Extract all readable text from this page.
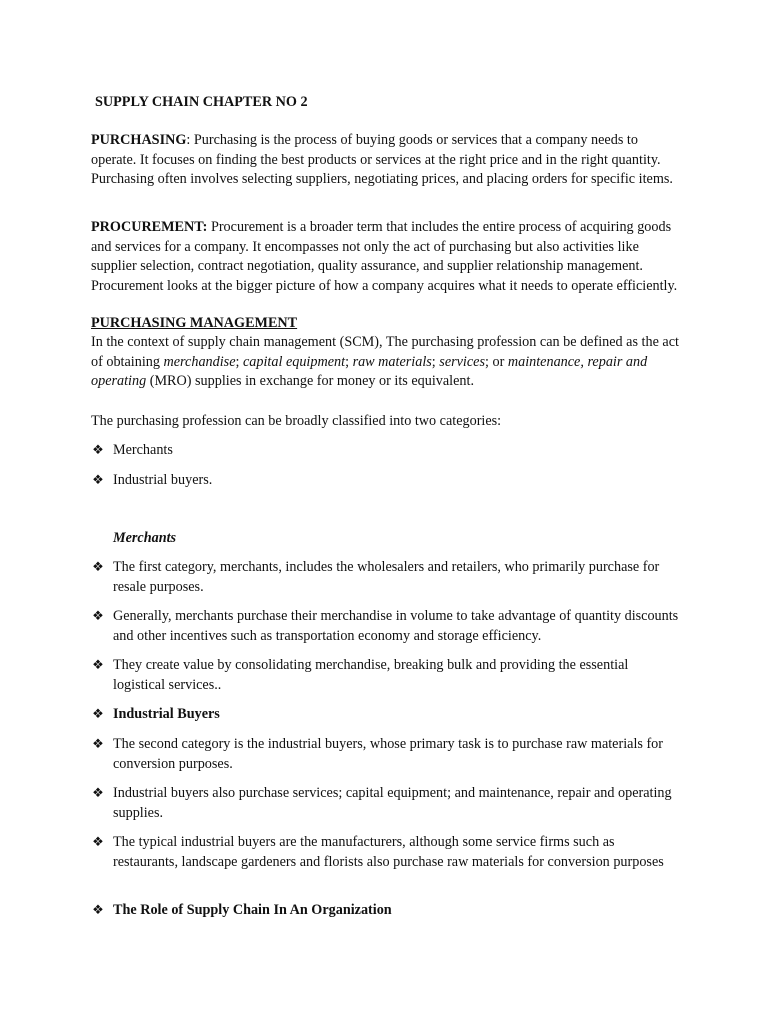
SUPPLY CHAIN CHAPTER NO 2

PURCHASING: Purchasing is the process of buying goods or services that a company needs to operate. It focuses on finding the best products or services at the right price and in the right quantity. Purchasing often involves selecting suppliers, negotiating prices, and placing orders for specific items.

PROCUREMENT: Procurement is a broader term that includes the entire process of acquiring goods and services for a company. It encompasses not only the act of purchasing but also activities like supplier selection, contract negotiation, quality assurance, and supplier relationship management. Procurement looks at the bigger picture of how a company acquires what it needs to operate efficiently.

PURCHASING MANAGEMENT

In the context of supply chain management (SCM), The purchasing profession can be defined as the act of obtaining merchandise; capital equipment; raw materials; services; or maintenance, repair and operating (MRO) supplies in exchange for money or its equivalent.

The purchasing profession can be broadly classified into two categories:

❖ Merchants
❖ Industrial buyers.
Merchants
❖ The first category, merchants, includes the wholesalers and retailers, who primarily purchase for resale purposes.
❖ Generally, merchants purchase their merchandise in volume to take advantage of quantity discounts and other incentives such as transportation economy and storage efficiency.
❖ They create value by consolidating merchandise, breaking bulk and providing the essential logistical services..
❖ Industrial Buyers
❖ The second category is the industrial buyers, whose primary task is to purchase raw materials for conversion purposes.
❖ Industrial buyers also purchase services; capital equipment; and maintenance, repair and operating supplies.
❖ The typical industrial buyers are the manufacturers, although some service firms such as restaurants, landscape gardeners and florists also purchase raw materials for conversion purposes
❖ The Role of Supply Chain In An Organization
